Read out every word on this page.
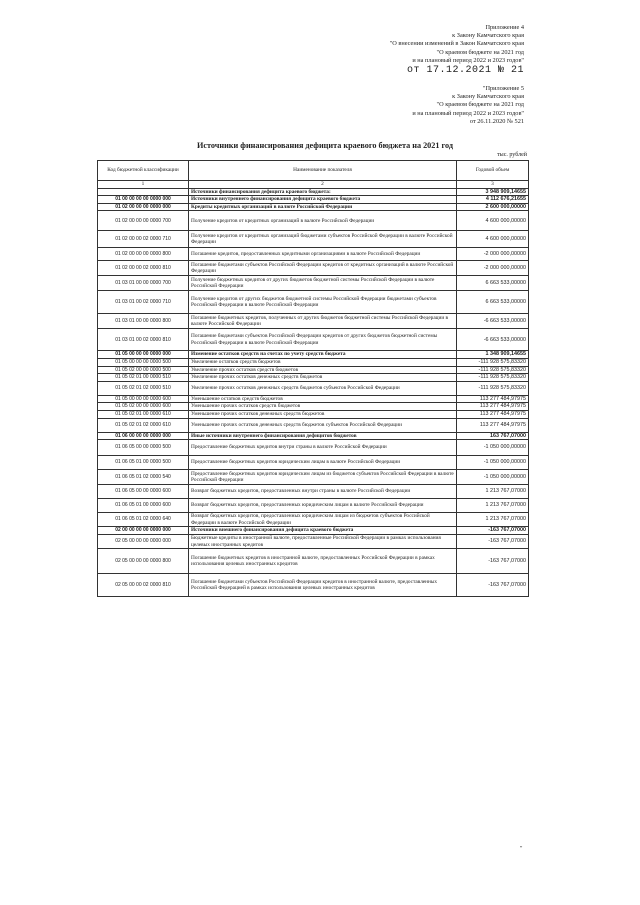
Приложение 4
к Закону Камчатского края
"О внесении изменений в Закон Камчатского края
"О краевом бюджете на 2021 год
и на плановый период 2022 и 2023 годов"
от 17.12.2021 № 21
"Приложение 5
к Закону Камчатского края
"О краевом бюджете на 2021 год
и на плановый период 2022 и 2023 годов"
от 26.11.2020 № 521
Источники финансирования дефицита краевого бюджета на 2021 год
тыс. рублей
Код бюджетной классификации	Наименование показателя	Годовой объем
1	2	3
	Источники финансирования дефицита краевого бюджета:	3 948 909,14655
01 00 00 00 00 0000 000	Источники внутреннего финансирования дефицита краевого бюджета	4 112 676,21655
01 02 00 00 00 0000 000	Кредиты кредитных организаций в валюте Российской Федерации	2 600 000,00000
01 02 00 00 00 0000 700	Получение кредитов от кредитных организаций в валюте Российской Федерации	4 600 000,00000
01 02 00 00 02 0000 710	Получение кредитов от кредитных организаций бюджетами субъектов Российской Федерации в валюте Российской Федерации	4 600 000,00000
01 02 00 00 00 0000 800	Погашение кредитов, предоставленных кредитными организациями в валюте Российской Федерации	-2 000 000,00000
01 02 00 00 02 0000 810	Погашение бюджетами субъектов Российской Федерации кредитов от кредитных организаций в валюте Российской Федерации	-2 000 000,00000
01 03 01 00 00 0000 700	Получение бюджетных кредитов от других бюджетов бюджетной системы Российской Федерации в валюте Российской Федерации	6 663 533,00000
01 03 01 00 02 0000 710	Получение кредитов от других бюджетов бюджетной системы Российской Федерации бюджетами субъектов Российской Федерации в валюте Российской Федерации	6 663 533,00000
01 03 01 00 00 0000 800	Погашение бюджетных кредитов, полученных от других бюджетов бюджетной системы Российской Федерации в валюте Российской Федерации	-6 663 533,00000
01 03 01 00 02 0000 810	Погашение бюджетами субъектов Российской Федерации кредитов от других бюджетов бюджетной системы Российской Федерации в валюте Российской Федерации	-6 663 533,00000
01 05 00 00 00 0000 000	Изменение остатков средств на счетах по учету средств бюджета	1 348 909,14655
01 05 00 00 00 0000 500	Увеличение остатков средств бюджетов	-111 928 575,83320
01 05 02 00 00 0000 500	Увеличение прочих остатков средств бюджетов	-111 928 575,83320
01 05 02 01 00 0000 510	Увеличение прочих остатков денежных средств бюджетов	-111 928 575,83320
01 05 02 01 02 0000 510	Увеличение прочих остатков денежных средств бюджетов субъектов Российской Федерации	-111 928 575,83320
01 05 00 00 00 0000 600	Уменьшение остатков средств бюджетов	113 277 484,97975
01 05 02 00 00 0000 600	Уменьшение прочих остатков средств бюджетов	113 277 484,97975
01 05 02 01 00 0000 610	Уменьшение прочих остатков денежных средств бюджетов	113 277 484,97975
01 05 02 01 02 0000 610	Уменьшение прочих остатков денежных средств бюджетов субъектов Российской Федерации	113 277 484,97975
01 06 00 00 00 0000 000	Иные источники внутреннего финансирования дефицитов бюджетов	163 767,07000
01 06 05 00 00 0000 500	Предоставление бюджетных кредитов внутри страны в валюте Российской Федерации	-1 050 000,00000
01 06 05 01 00 0000 500	Предоставление бюджетных кредитов юридическим лицам в валюте Российской Федерации	-1 050 000,00000
01 06 05 01 02 0000 540	Предоставление бюджетных кредитов юридическим лицам из бюджетов субъектов Российской Федерации в валюте Российской Федерации	-1 050 000,00000
01 06 05 00 00 0000 600	Возврат бюджетных кредитов, предоставленных внутри страны в валюте Российской Федерации	1 213 767,07000
01 06 05 01 00 0000 600	Возврат бюджетных кредитов, предоставленных юридическим лицам в валюте Российской Федерации	1 213 767,07000
01 06 05 01 02 0000 640	Возврат бюджетных кредитов, предоставленных юридическим лицам из бюджетов субъектов Российской Федерации в валюте Российской Федерации	1 213 767,07000
02 00 00 00 00 0000 000	Источники внешнего финансирования дефицита краевого бюджета	-163 767,07000
02 05 00 00 00 0000 000	Бюджетные кредиты в иностранной валюте, предоставленные Российской Федерации в рамках использования целевых иностранных кредитов	-163 767,07000
02 05 00 00 00 0000 800	Погашение бюджетных кредитов в иностранной валюте, предоставленных Российской Федерации в рамках использования целевых иностранных кредитов	-163 767,07000
02 05 00 00 02 0000 810	Погашение бюджетами субъектов Российской Федерации кредитов в иностранной валюте, предоставленных Российской Федерацией в рамках использования целевых иностранных кредитов	-163 767,07000
"
